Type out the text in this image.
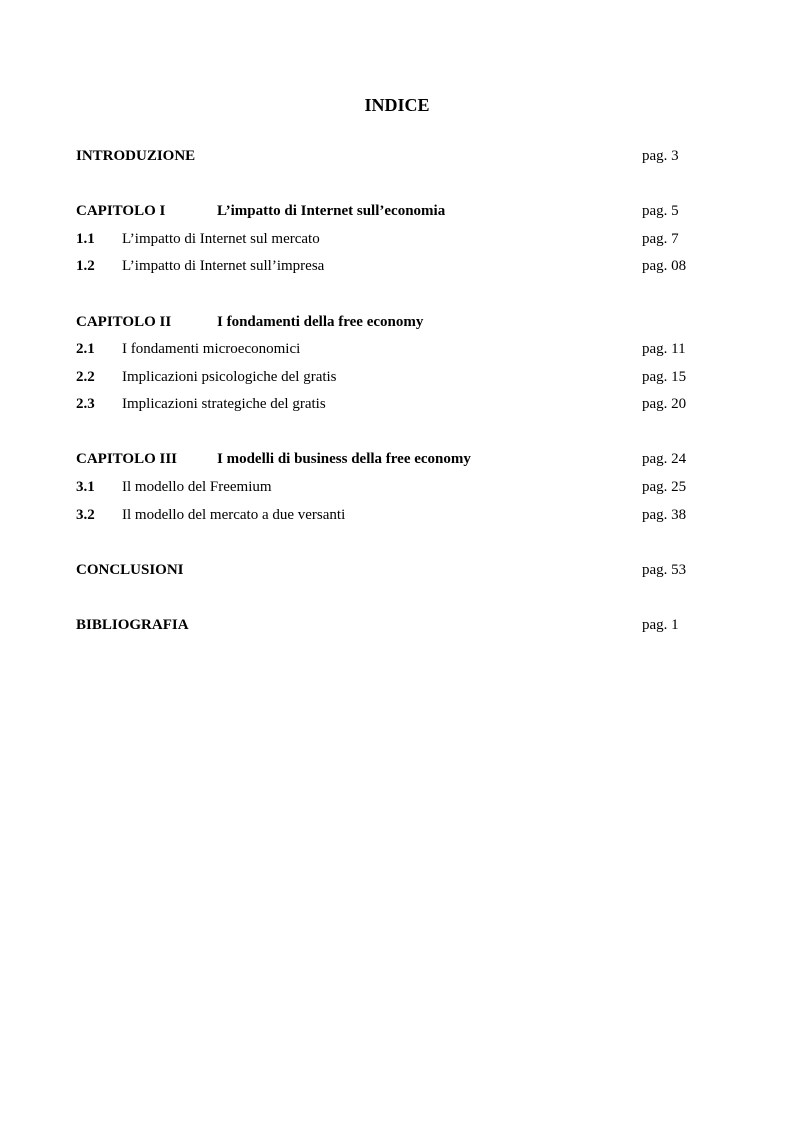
INDICE
INTRODUZIONE	pag. 3
CAPITOLO I	L’impatto di Internet sull’economia	pag. 5
1.1 L’impatto di Internet sul mercato	pag. 7
1.2 L’impatto di Internet sull’impresa	pag. 08
CAPITOLO II	I fondamenti della free economy
2.1 I fondamenti microeconomici	pag. 11
2.2 Implicazioni psicologiche del gratis	pag. 15
2.3 Implicazioni strategiche del gratis	pag. 20
CAPITOLO III	I modelli di business della free economy	pag. 24
3.1 Il modello del Freemium	pag. 25
3.2 Il modello del mercato a due versanti	pag. 38
CONCLUSIONI	pag. 53
BIBLIOGRAFIA	pag. 1
